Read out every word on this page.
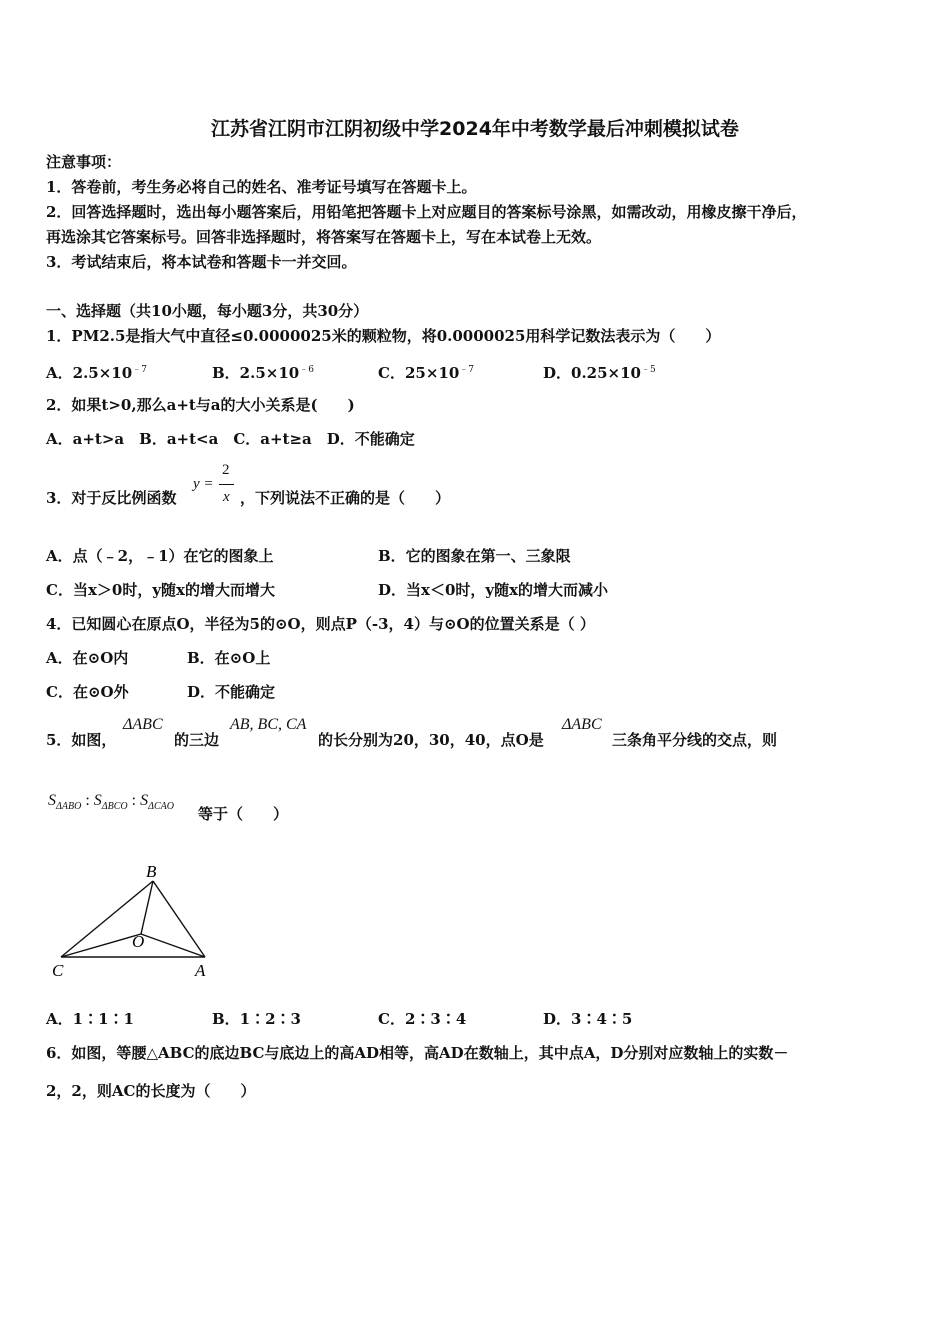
江苏省江阴市江阴初级中学2024年中考数学最后冲刺模拟试卷
注意事项：
1．答卷前，考生务必将自己的姓名、准考证号填写在答题卡上。
2．回答选择题时，选出每小题答案后，用铅笔把答题卡上对应题目的答案标号涂黑，如需改动，用橡皮擦干净后，
再选涂其它答案标号。回答非选择题时，将答案写在答题卡上，写在本试卷上无效。
3．考试结束后，将本试卷和答题卡一并交回。
一、选择题（共10小题，每小题3分，共30分）
1．PM2.5是指大气中直径≤0.0000025米的颗粒物，将0.0000025用科学记数法表示为（　　）
A．$2.5\times 10^{﹣7}$	B．$2.5\times 10^{﹣6}$	C．$25\times 10^{﹣7}$	D．$0.25\times 10^{﹣5}$
2．如果t>0,那么a+t与a的大小关系是(　　)
A．a+t>a　B．a+t<a　C．a+t≥a　D．不能确定
3．对于反比例函数
y =
2
x ，下列说法不正确的是（　　）
A．点（﹣2，﹣1）在它的图象上	B．它的图象在第一、三象限
C．当x＞0时，y随x的增大而增大	D．当x＜0时，y随x的增大而减小
4．已知圆心在原点O，半径为5的⊙O，则点P（-3，4）与⊙O的位置关系是（ ）
A．在⊙O内	B．在⊙O上
C．在⊙O外	D．不能确定
5．如图，
ΔABC
的三边
AB, BC, CA
的长分别为20，30，40，点O是
ΔABC
三条角平分线的交点，则
$S_{\Delta ABO}$ : $S_{\Delta BCO}$ : $S_{\Delta CAO}$ 等于（　　）
B
O
C	A
A．1∶1∶1	B．1∶2∶3	C．2∶3∶4	D．3∶4∶5
6．如图，等腰△ABC的底边BC与底边上的高AD相等，高AD在数轴上，其中点A，D分别对应数轴上的实数－
2，2，则AC的长度为（　　）
